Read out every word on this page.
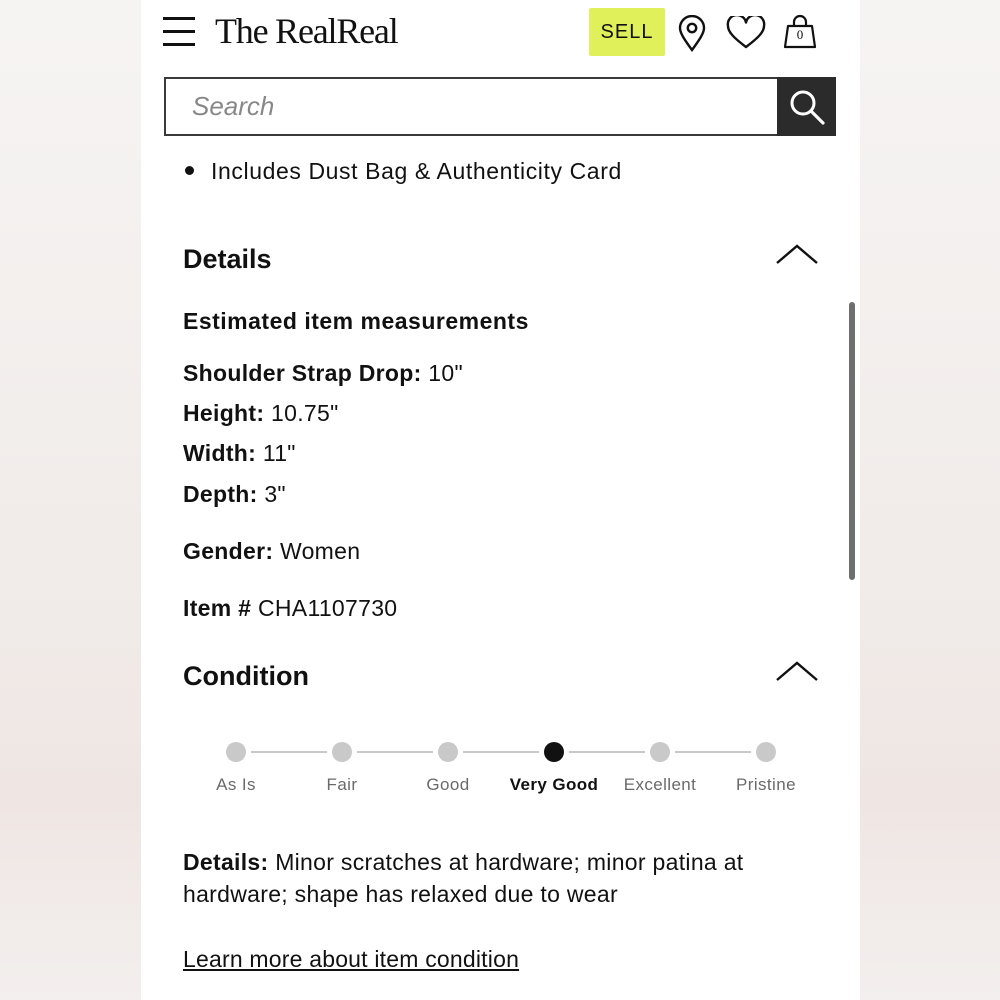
The RealReal	SELL	0
Search
Includes Dust Bag & Authenticity Card
Details
Estimated item measurements
Shoulder Strap Drop: 10"
Height: 10.75"
Width: 11"
Depth: 3"
Gender: Women
Item # CHA1107730
Condition
Details: Minor scratches at hardware; minor patina at hardware; shape has relaxed due to wear
Learn more about item condition
As Is	Fair	Good	Very Good	Excellent	Pristine
